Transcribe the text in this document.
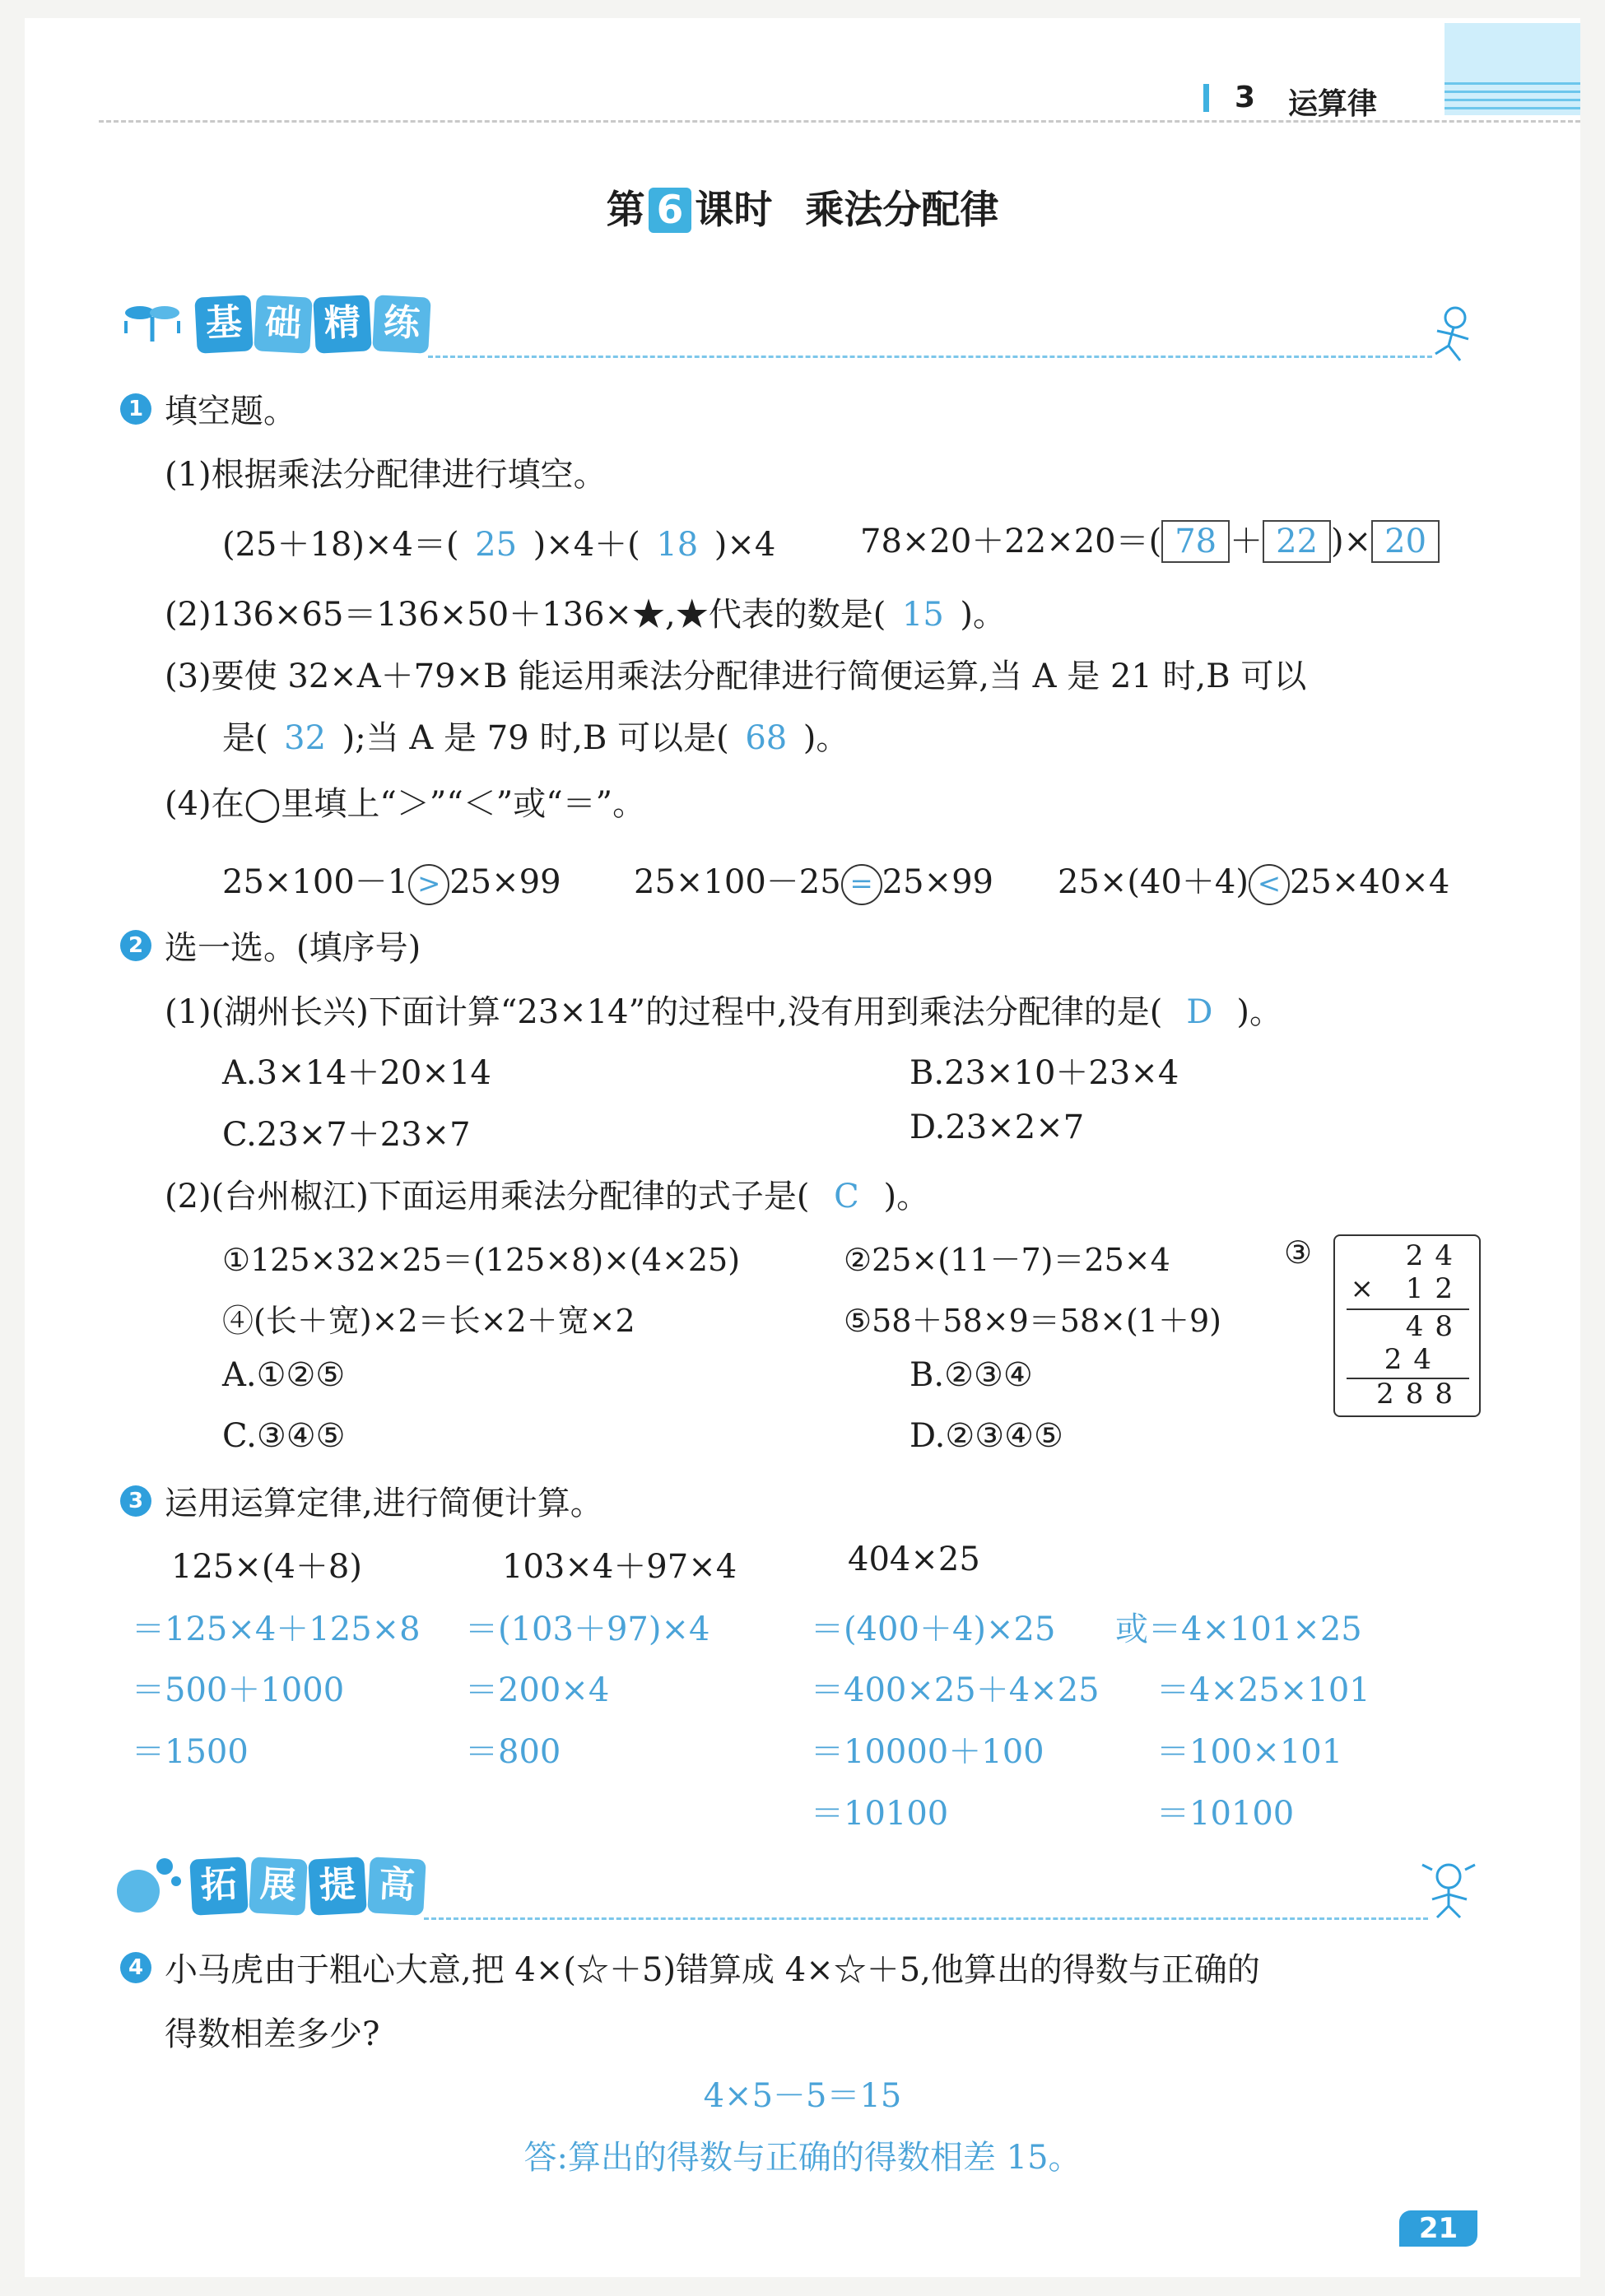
3 运算律
第 6 课时 乘法分配律
基 础 精 练
1 填空题。
(1)根据乘法分配律进行填空。
(25＋18)×4＝( 25 )×4＋( 18 )×4	78×20＋22×20＝( 78 ＋ 22 )× 20
(2)136×65＝136×50＋136×★,★代表的数是( 15 )。
(3)要使 32×A＋79×B 能运用乘法分配律进行简便运算,当 A 是 21 时,B 可以
是( 32 );当 A 是 79 时,B 可以是( 68 )。
(4)在◯里填上“＞”“＜”或“＝”。
25×100－1 > 25×99 25×100－25 = 25×99 25×(40＋4) < 25×40×4
2 选一选。(填序号)
(1)(湖州长兴)下面计算“23×14”的过程中,没有用到乘法分配律的是( D )。
A.3×14＋20×14	B.23×10＋23×4
C.23×7＋23×7	D.23×2×7
(2)(台州椒江)下面运用乘法分配律的式子是( C )。
①125×32×25＝(125×8)×(4×25)	②25×(11－7)＝25×4	③
④(长＋宽)×2＝长×2＋宽×2	⑤58＋58×9＝58×(1＋9)
24
× 12
48
24
288
A.①②⑤	B.②③④
C.③④⑤	D.②③④⑤
3 运用运算定律,进行简便计算。
125×(4＋8)
＝125×4＋125×8
＝500＋1000
＝1500
103×4＋97×4
＝(103＋97)×4
＝200×4
＝800
404×25
＝(400＋4)×25
＝400×25＋4×25
＝10000＋100
＝10100
或＝4×101×25
＝4×25×101
＝100×101
＝10100
拓 展 提 高
4 小马虎由于粗心大意,把 4×(☆＋5)错算成 4×☆＋5,他算出的得数与正确的
得数相差多少?
4×5－5＝15
答:算出的得数与正确的得数相差 15。
21
